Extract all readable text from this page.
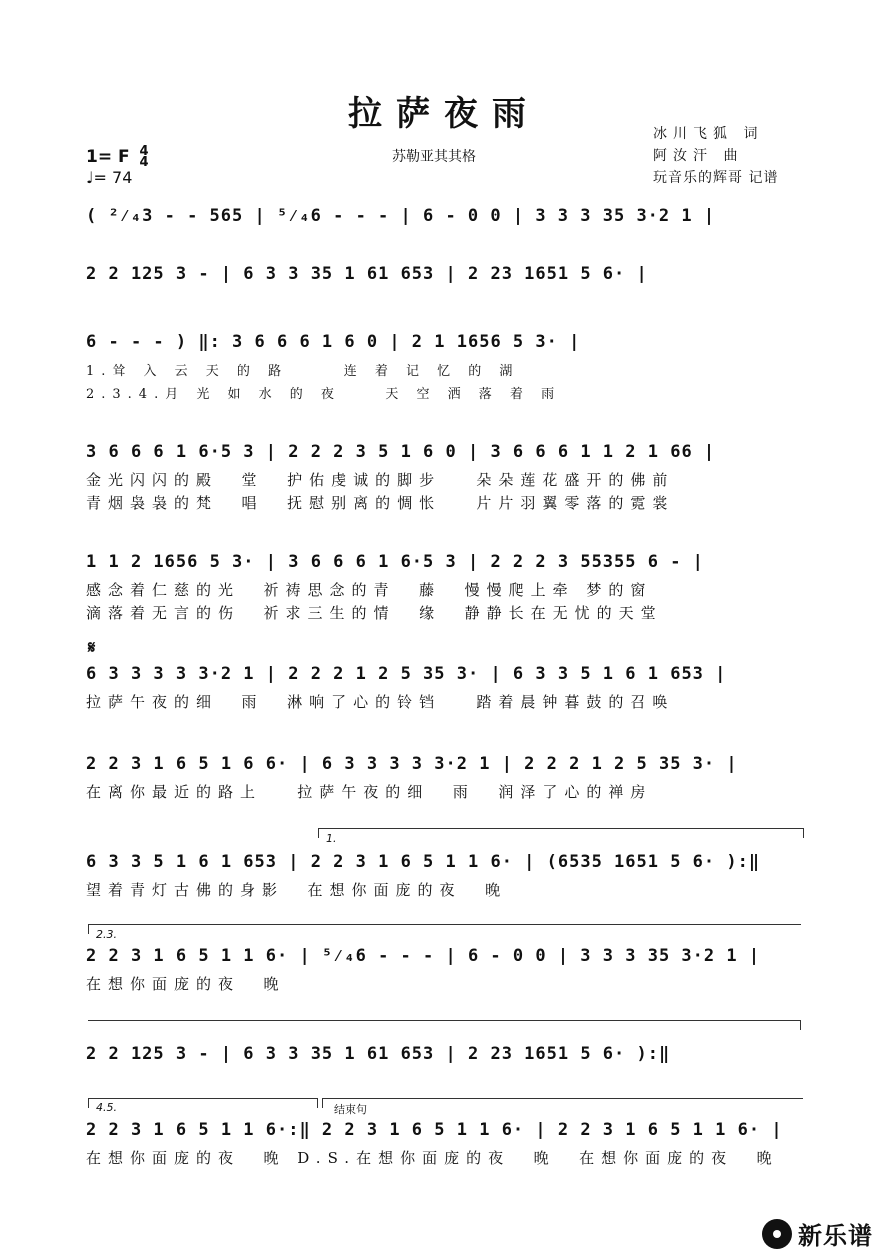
拉萨夜雨	冰川飞狐 词
阿汝汗 曲
玩音乐的辉哥 记谱
1= F 4
4
♩= 74
苏勒亚其其格
( ²⁄₄3 - - 565 | ⁵⁄₄6 - - - | 6 - 0 0 | 3 3 3 35 3·2 1 |
2 2 125 3 - | 6 3 3 35 1 61 653 | 2 23 1651 5 6· |
6 - - - ) ‖: 3 6 6 6 1 6 0 | 2 1 1656 5 3· |
1.耸 入 云 天 的 路     连 着 记 忆 的 湖
2.3.4.月 光 如 水 的 夜    天 空 洒 落 着 雨
3 6 6 6 1 6·5 3 | 2 2 2 3 5 1 6 0 | 3 6 6 6 1 1 2 1 66 |
金光闪闪的殿  堂  护佑虔诚的脚步   朵朵莲花盛开的佛前
青烟袅袅的梵  唱  抚慰别离的惆怅   片片羽翼零落的霓裳
1 1 2 1656 5 3· | 3 6 6 6 1 6·5 3 | 2 2 2 3 55355 6 - |
感念着仁慈的光  祈祷思念的青  藤  慢慢爬上牵 梦的窗
滴落着无言的伤  祈求三生的情  缘  静静长在无忧的天堂
𝄋
6 3 3 3 3 3·2 1 | 2 2 2 1 2 5 35 3· | 6 3 3 5 1 6 1 653 |
拉萨午夜的细  雨  淋响了心的铃铛   踏着晨钟暮鼓的召唤
2 2 3 1 6 5 1 6 6· | 6 3 3 3 3 3·2 1 | 2 2 2 1 2 5 35 3· |
在离你最近的路上   拉萨午夜的细  雨  润泽了心的禅房
1.
6 3 3 5 1 6 1 653 | 2 2 3 1 6 5 1 1 6· | (6535 1651 5 6· ):‖
望着青灯古佛的身影  在想你面庞的夜  晚
2.3.
2 2 3 1 6 5 1 1 6· | ⁵⁄₄6 - - - | 6 - 0 0 | 3 3 3 35 3·2 1 |
在想你面庞的夜  晚
2 2 125 3 - | 6 3 3 35 1 61 653 | 2 23 1651 5 6· ):‖
4.5.	结束句
2 2 3 1 6 5 1 1 6·:‖ 2 2 3 1 6 5 1 1 6· | 2 2 3 1 6 5 1 1 6· |
在想你面庞的夜  晚 D.S.在想你面庞的夜  晚  在想你面庞的夜  晚
新乐谱
